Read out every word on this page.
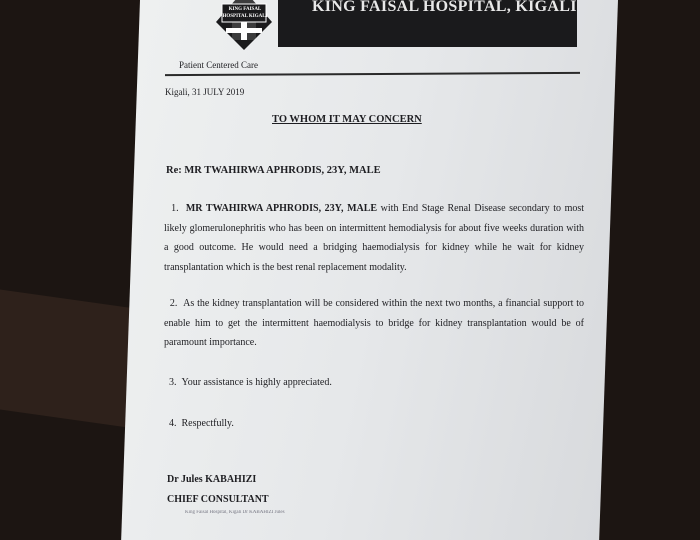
KING FAISAL HOSPITAL KIGALI
KING FAISAL HOSPITAL, KIGALI
Patient Centered Care
Kigali, 31 JULY 2019
TO WHOM IT MAY CONCERN
Re: MR TWAHIRWA APHRODIS, 23Y, MALE
1. MR TWAHIRWA APHRODIS, 23Y, MALE with End Stage Renal Disease secondary to most likely glomerulonephritis who has been on intermittent hemodialysis for about five weeks duration with a good outcome. He would need a bridging haemodialysis for kidney while he wait for kidney transplantation which is the best renal replacement modality.
2. As the kidney transplantation will be considered within the next two months, a financial support to enable him to get the intermittent haemodialysis to bridge for kidney transplantation would be of paramount importance.
3. Your assistance is highly appreciated.
4. Respectfully.
Dr Jules KABAHIZI
CHIEF CONSULTANT
King Faisal Hospital, Kigali Dr KABAHIZI Jules
